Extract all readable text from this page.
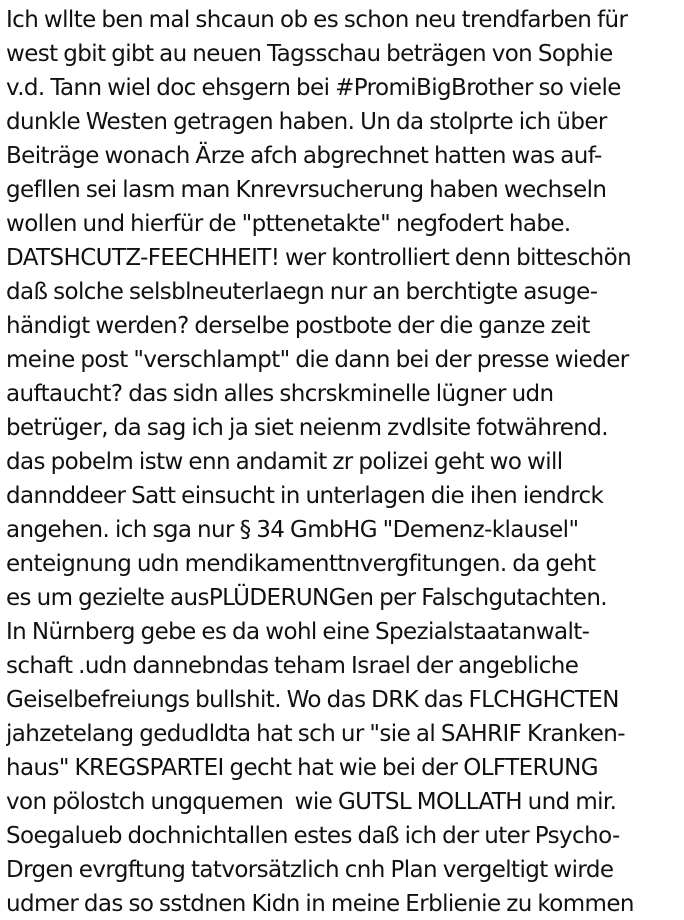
Ich wllte ben mal shcaun ob es schon neu trendfarben für
west gbit gibt au neuen Tagsschau beträgen von Sophie
v.d. Tann wiel doc ehsgern bei #PromiBigBrother so viele
dunkle Westen getragen haben. Un da stolprte ich über
Beiträge wonach Ärze afch abgrechnet hatten was auf-
gefllen sei lasm man Knrevrsucherung haben wechseln
wollen und hierfür de "pttenetakte" negfodert habe.
DATSHCUTZ-FEECHHEIT! wer kontrolliert denn bitteschön
daß solche selsblneuterlaegn nur an berchtigte asuge-
händigt werden? derselbe postbote der die ganze zeit
meine post "verschlampt" die dann bei der presse wieder
auftaucht? das sidn alles shcrskminelle lügner udn
betrüger, da sag ich ja siet neienm zvdlsite fotwährend.
das pobelm istw enn andamit zr polizei geht wo will
dannddeer Satt einsucht in unterlagen die ihen iendrck
angehen. ich sga nur § 34 GmbHG "Demenz-klausel"
enteignung udn mendikamenttnvergfitungen. da geht
es um gezielte ausPLÜDERUNGen per Falschgutachten.
In Nürnberg gebe es da wohl eine Spezialstaatanwalt-
schaft .udn dannebndas teham Israel der angebliche
Geiselbefreiungs bullshit. Wo das DRK das FLCHGHCTEN
jahzetelang gedudldta hat sch ur "sie al SAHRIF Kranken-
haus" KREGSPARTEI gecht hat wie bei der OLFTERUNG
von pölostch ungquemen  wie GUTSL MOLLATH und mir.
Soegalueb dochnichtallen estes daß ich der uter Psycho-
Drgen evrgftung tatvorsätzlich cnh Plan vergeltigt wirde
udmer das so sstdnen Kidn in meine Erblienie zu kommen
